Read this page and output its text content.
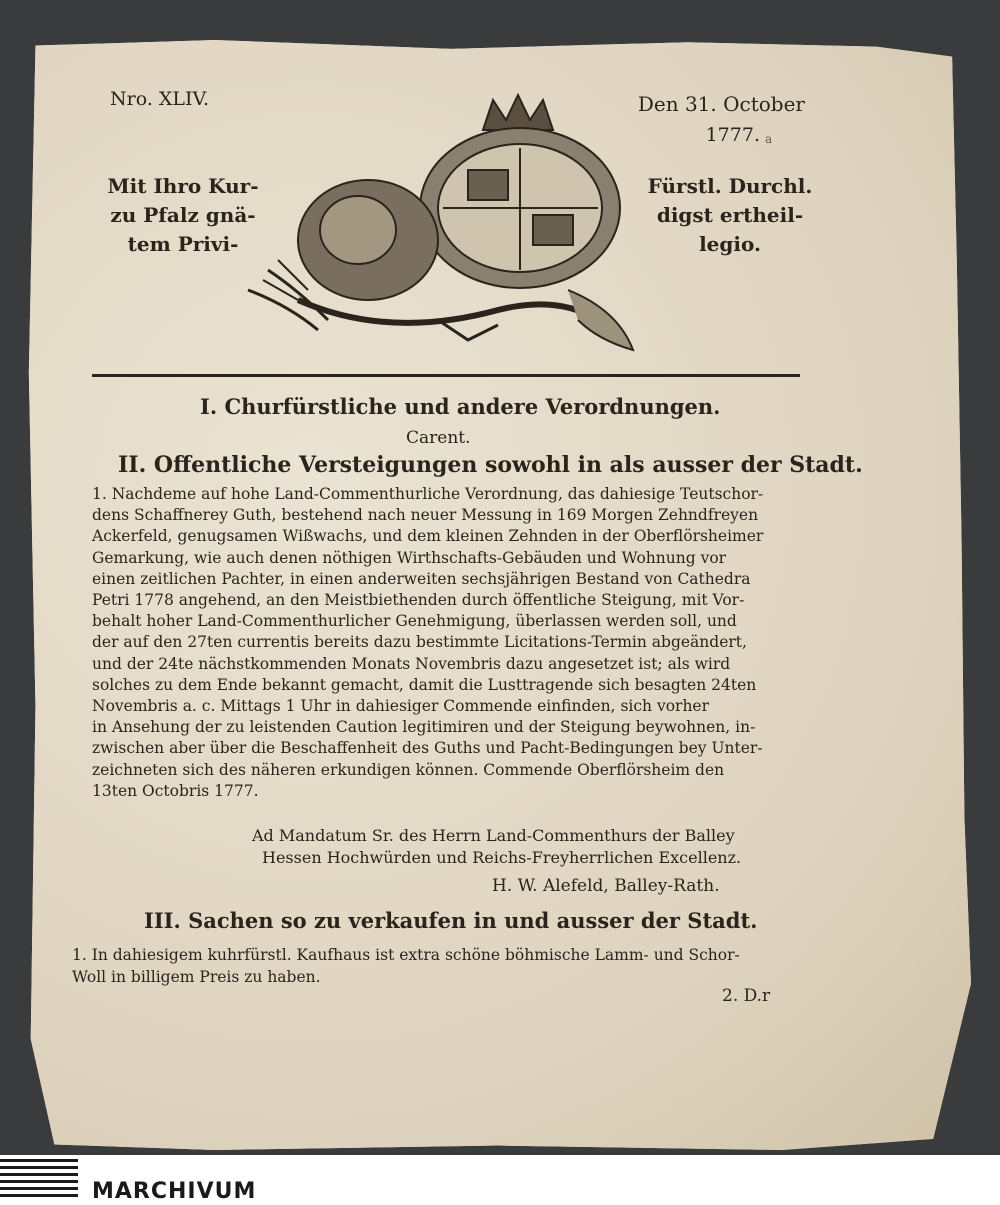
Nro. XLIV.	Den 31. October
1777. a
Mit Ihro Kur-
zu Pfalz gnä-
tem Privi-
Fürstl. Durchl.
digst ertheil-
legio.
I. Churfürstliche und andere Verordnungen.
Carent.
II. Offentliche Versteigungen sowohl in als ausser der Stadt.
1. Nachdeme auf hohe Land-Commenthurliche Verordnung, das dahiesige Teutschor-
dens Schaffnerey Guth, bestehend nach neuer Messung in 169 Morgen Zehndfreyen
Ackerfeld, genugsamen Wißwachs, und dem kleinen Zehnden in der Oberflörsheimer
Gemarkung, wie auch denen nöthigen Wirthschafts-Gebäuden und Wohnung vor
einen zeitlichen Pachter, in einen anderweiten sechsjährigen Bestand von Cathedra
Petri 1778 angehend, an den Meistbiethenden durch öffentliche Steigung, mit Vor-
behalt hoher Land-Commenthurlicher Genehmigung, überlassen werden soll, und
der auf den 27ten currentis bereits dazu bestimmte Licitations-Termin abgeändert,
und der 24te nächstkommenden Monats Novembris dazu angesetzet ist; als wird
solches zu dem Ende bekannt gemacht, damit die Lusttragende sich besagten 24ten
Novembris a. c. Mittags 1 Uhr in dahiesiger Commende einfinden, sich vorher
in Ansehung der zu leistenden Caution legitimiren und der Steigung beywohnen, in-
zwischen aber über die Beschaffenheit des Guths und Pacht-Bedingungen bey Unter-
zeichneten sich des näheren erkundigen können. Commende Oberflörsheim den
13ten Octobris 1777.
Ad Mandatum Sr. des Herrn Land-Commenthurs der Balley
Hessen Hochwürden und Reichs-Freyherrlichen Excellenz.
H. W. Alefeld, Balley-Rath.
III. Sachen so zu verkaufen in und ausser der Stadt.
1. In dahiesigem kuhrfürstl. Kaufhaus ist extra schöne böhmische Lamm- und Schor-
Woll in billigem Preis zu haben.
2. D.r
MARCHIVUM
